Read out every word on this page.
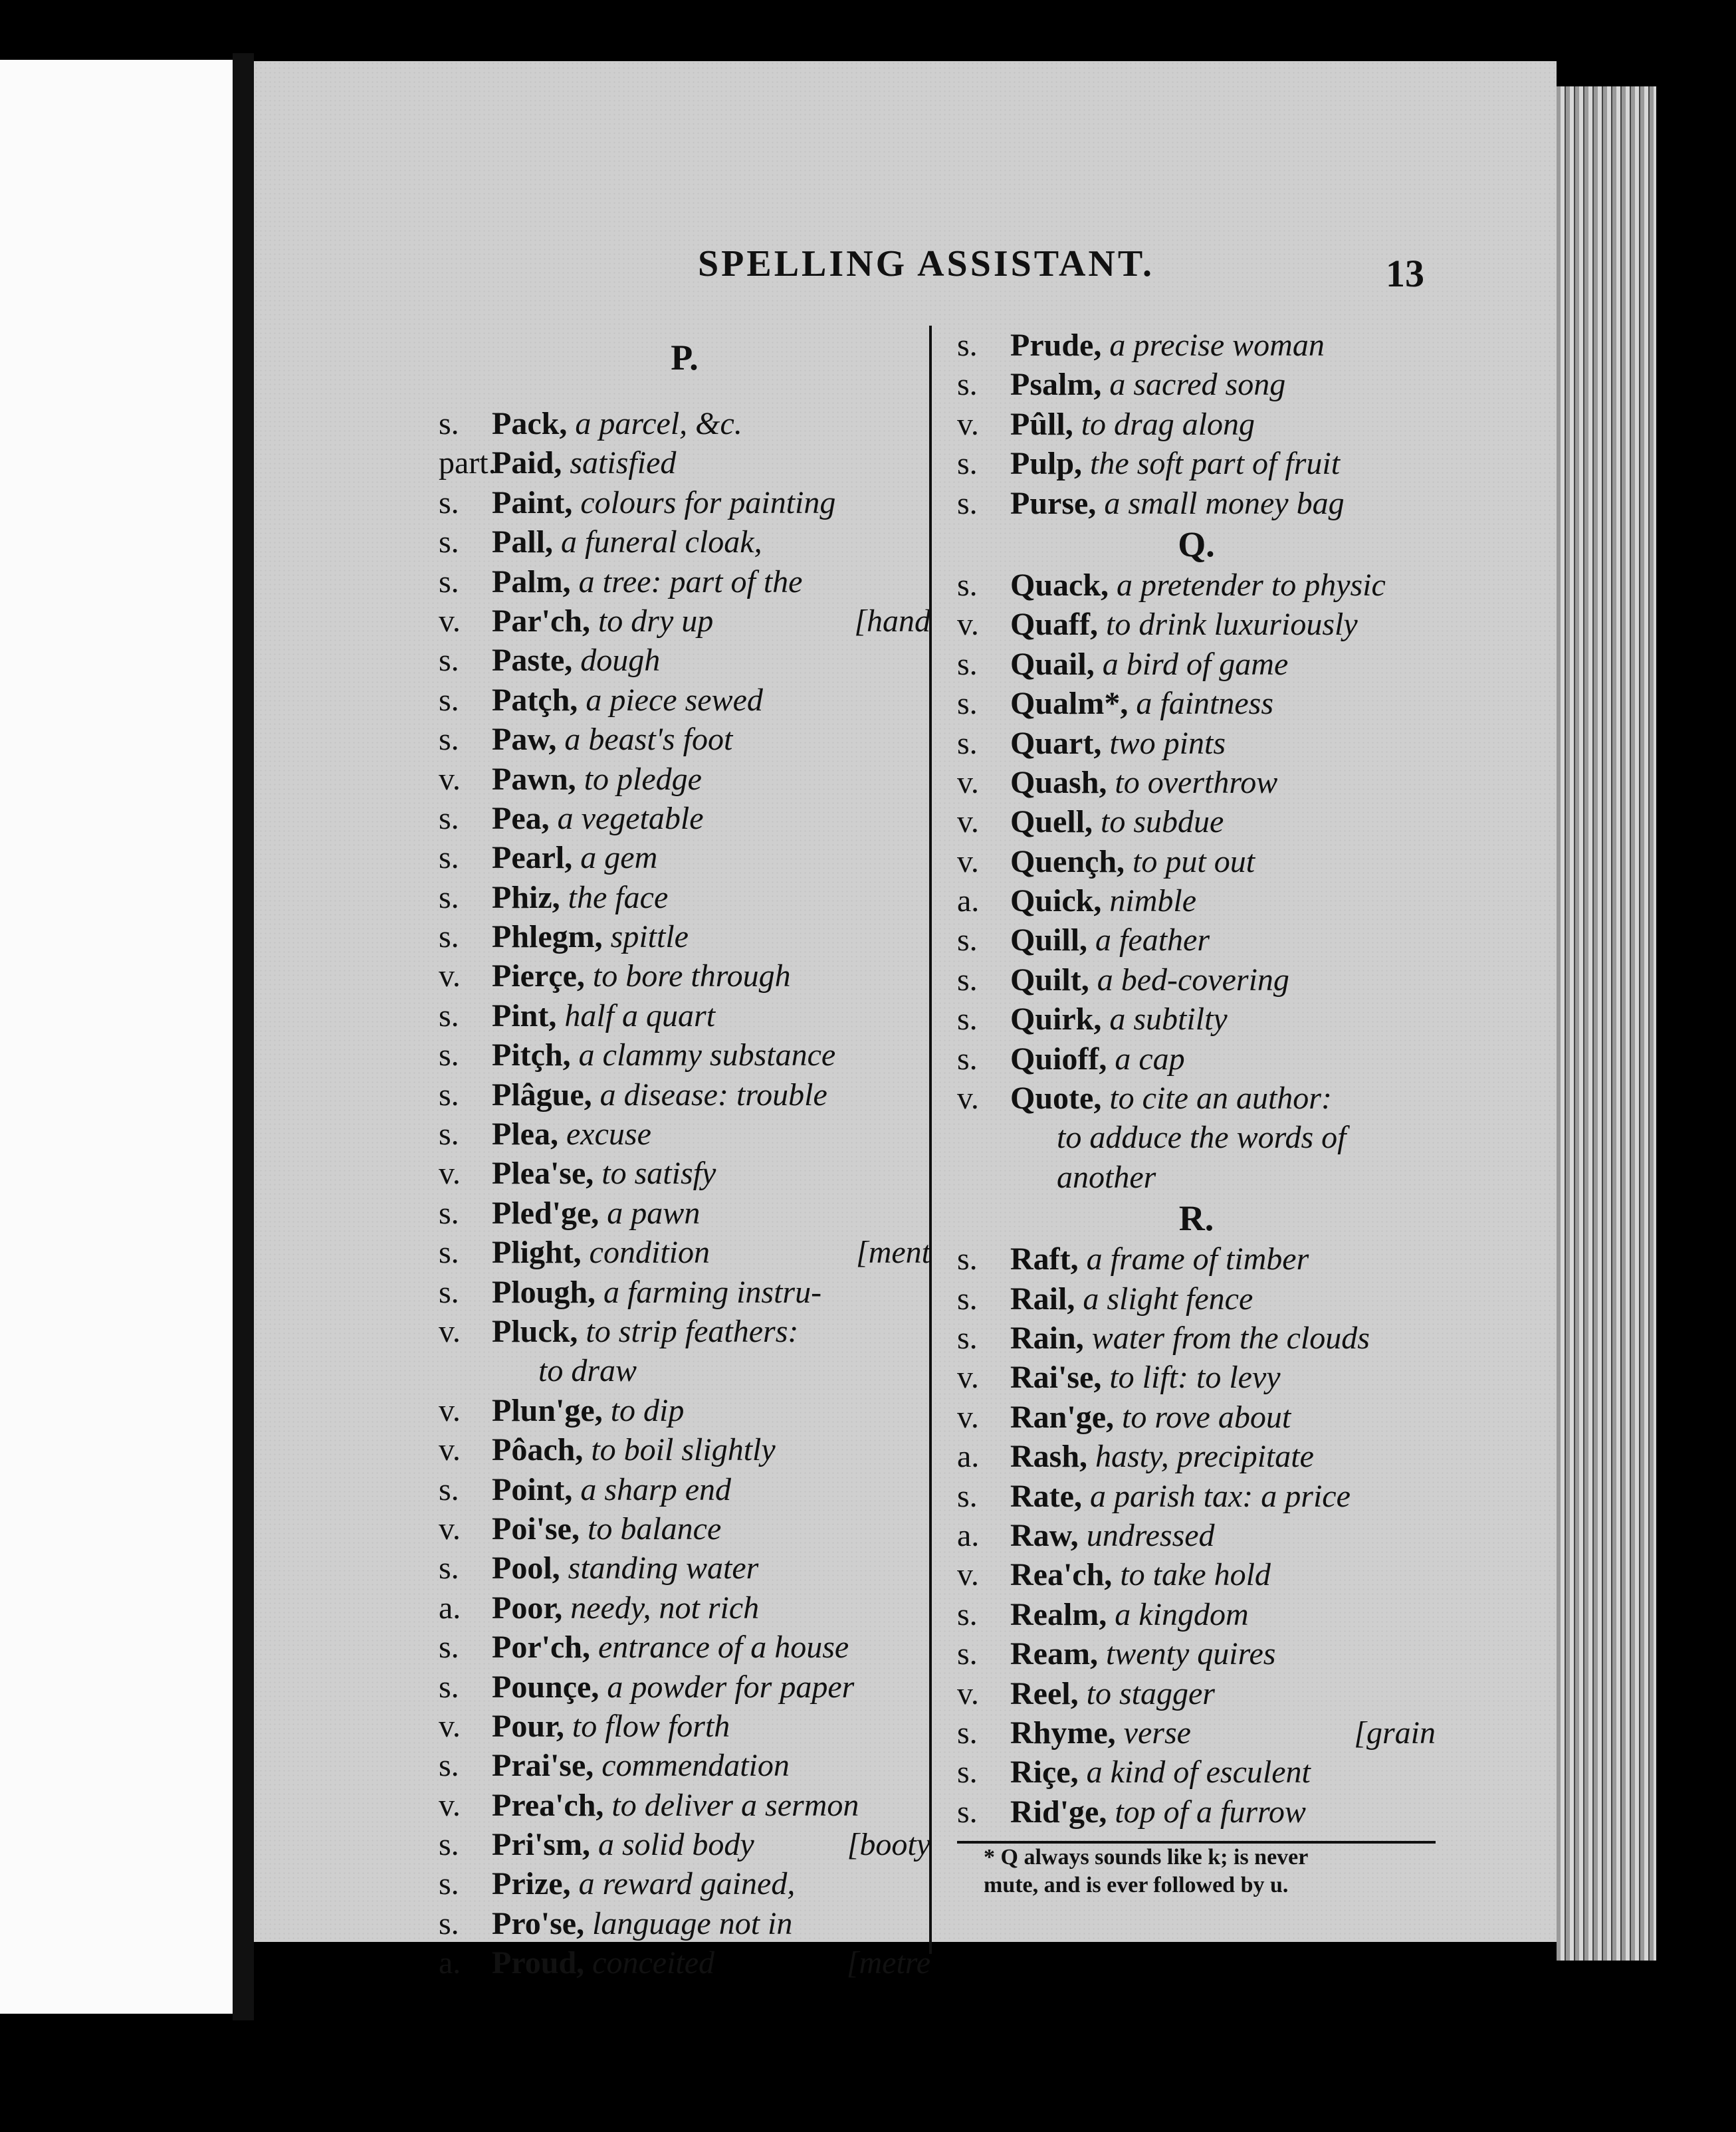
SPELLING ASSISTANT.	13
P.
s. Pack, a parcel, &c.
part.Paid, satisfied
s. Paint, colours for painting
s. Pall, a funeral cloak,
s. Palm, a tree: part of the
v. Par'ch, to dry up	[hand
s. Paste, dough
s. Patçh, a piece sewed
s. Paw, a beast's foot
v. Pawn, to pledge
s. Pea, a vegetable
s. Pearl, a gem
s. Phiz, the face
s. Phlegm, spittle
v. Pierçe, to bore through
s. Pint, half a quart
s. Pitçh, a clammy substance
s. Plâgue, a disease: trouble
s. Plea, excuse
v. Plea'se, to satisfy
s. Pled'ge, a pawn
s. Plight, condition	[ment
s. Plough, a farming instru-
v. Pluck, to strip feathers:
to draw
v. Plun'ge, to dip
v. Pôach, to boil slightly
s. Point, a sharp end
v. Poi'se, to balance
s. Pool, standing water
a. Poor, needy, not rich
s. Por'ch, entrance of a house
s. Pounçe, a powder for paper
v. Pour, to flow forth
s. Prai'se, commendation
v. Prea'ch, to deliver a sermon
s. Pri'sm, a solid body	[booty
s. Prize, a reward gained,
s. Pro'se, language not in
a. Proud, conceited	[metre
s. Prude, a precise woman
s. Psalm, a sacred song
v. Pûll, to drag along
s. Pulp, the soft part of fruit
s. Purse, a small money bag
Q.
s. Quack, a pretender to physic
v. Quaff, to drink luxuriously
s. Quail, a bird of game
s. Qualm*, a faintness
s. Quart, two pints
v. Quash, to overthrow
v. Quell, to subdue
v. Quençh, to put out
a. Quick, nimble
s. Quill, a feather
s. Quilt, a bed-covering
s. Quirk, a subtilty
s. Quioff, a cap
v. Quote, to cite an author:
to adduce the words of
another
R.
s. Raft, a frame of timber
s. Rail, a slight fence
s. Rain, water from the clouds
v. Rai'se, to lift: to levy
v. Ran'ge, to rove about
a. Rash, hasty, precipitate
s. Rate, a parish tax: a price
a. Raw, undressed
v. Rea'ch, to take hold
s. Realm, a kingdom
s. Ream, twenty quires
v. Reel, to stagger
s. Rhyme, verse	[grain
s. Riçe, a kind of esculent
s. Rid'ge, top of a furrow
* Q always sounds like k; is never
mute, and is ever followed by u.
